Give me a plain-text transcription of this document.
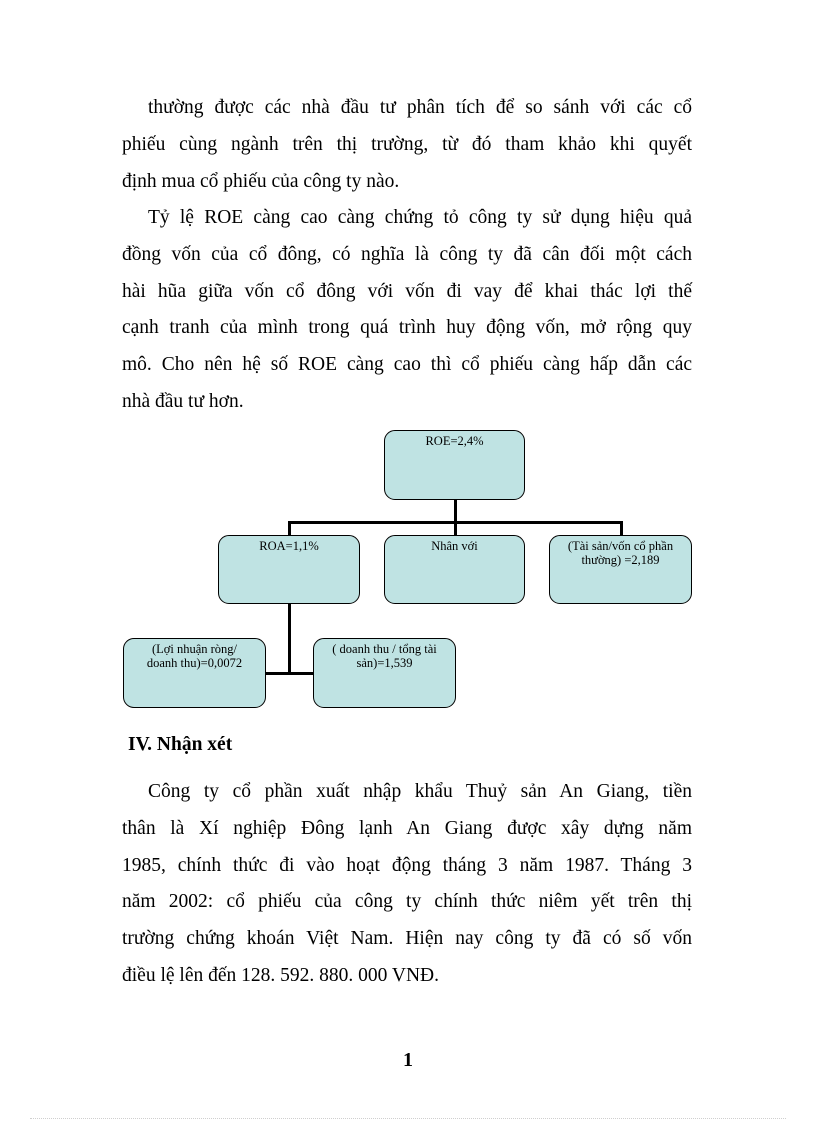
thường được các nhà đầu tư phân tích để so sánh với các cổ
phiếu cùng ngành trên thị trường, từ đó tham khảo khi quyết
định mua cổ phiếu của công ty nào.
Tỷ lệ ROE càng cao càng chứng tỏ công ty sử dụng hiệu quả
đồng vốn của cổ đông, có nghĩa là công ty đã cân đối một cách
hài hũa giữa vốn cổ đông với vốn đi vay để khai thác lợi thế
cạnh tranh của mình trong quá trình huy động vốn, mở rộng quy
mô. Cho nên hệ số ROE càng cao thì cổ phiếu càng hấp dẫn các
nhà đầu tư hơn.
ROE=2,4%
ROA=1,1%	Nhân với	(Tài sản/vốn cổ phần
thường) =2,189
(Lợi nhuận ròng/
doanh thu)=0,0072
( doanh thu / tổng tài
sản)=1,539
IV. Nhận xét
Công ty cổ phần xuất nhập khẩu Thuỷ sản An Giang, tiền
thân là Xí nghiệp Đông lạnh An Giang được xây dựng năm
1985, chính thức đi vào hoạt động tháng 3 năm 1987. Tháng 3
năm 2002: cổ phiếu của công ty chính thức niêm yết trên thị
trường chứng khoán Việt Nam. Hiện nay công ty đã có số vốn
điều lệ lên đến 128. 592. 880. 000 VNĐ.
1
